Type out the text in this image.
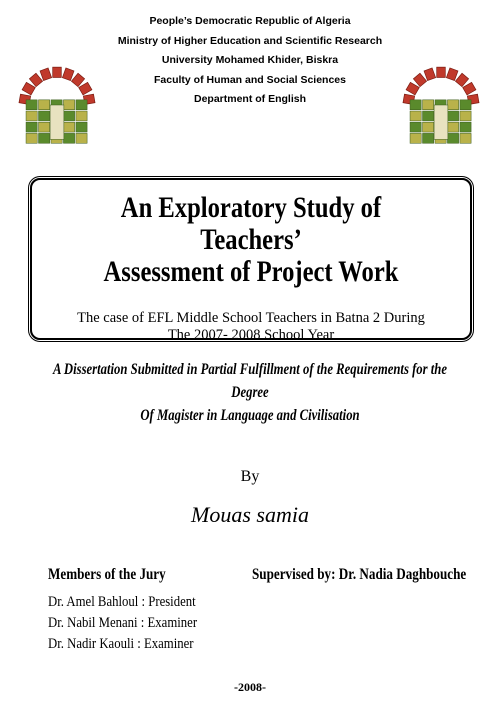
People’s Democratic Republic of Algeria
Ministry of Higher Education and Scientific Research
University Mohamed Khider, Biskra
Faculty of Human and Social Sciences
Department of English
An Exploratory Study of Teachers’
Assessment of Project Work
The case of EFL Middle School Teachers in Batna 2 During
The 2007- 2008 School Year
A Dissertation Submitted in Partial Fulfillment of the Requirements for the Degree
Of Magister in Language and Civilisation
By
Mouas samia
Members of the Jury	Supervised by: Dr. Nadia Daghbouche
Dr. Amel Bahloul : President
Dr. Nabil Menani : Examiner
Dr. Nadir Kaouli : Examiner
-2008-
